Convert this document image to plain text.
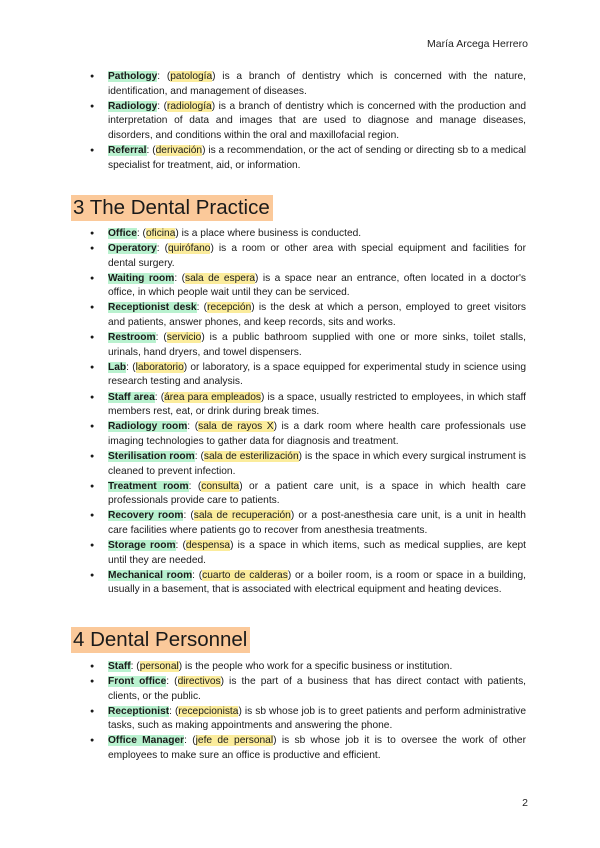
María Arcega Herrero
● Pathology: (patología) is a branch of dentistry which is concerned with the nature, identification, and management of diseases.
● Radiology: (radiología) is a branch of dentistry which is concerned with the production and interpretation of data and images that are used to diagnose and manage diseases, disorders, and conditions within the oral and maxillofacial region.
● Referral: (derivación) is a recommendation, or the act of sending or directing sb to a medical specialist for treatment, aid, or information.
3 The Dental Practice
● Office: (oficina) is a place where business is conducted.
● Operatory: (quirófano) is a room or other area with special equipment and facilities for dental surgery.
● Waiting room: (sala de espera) is a space near an entrance, often located in a doctor's office, in which people wait until they can be serviced.
● Receptionist desk: (recepción) is the desk at which a person, employed to greet visitors and patients, answer phones, and keep records, sits and works.
● Restroom: (servicio) is a public bathroom supplied with one or more sinks, toilet stalls, urinals, hand dryers, and towel dispensers.
● Lab: (laboratorio) or laboratory, is a space equipped for experimental study in science using research testing and analysis.
● Staff area: (área para empleados) is a space, usually restricted to employees, in which staff members rest, eat, or drink during break times.
● Radiology room: (sala de rayos X) is a dark room where health care professionals use imaging technologies to gather data for diagnosis and treatment.
● Sterilisation room: (sala de esterilización) is the space in which every surgical instrument is cleaned to prevent infection.
● Treatment room: (consulta) or a patient care unit, is a space in which health care professionals provide care to patients.
● Recovery room: (sala de recuperación) or a post-anesthesia care unit, is a unit in health care facilities where patients go to recover from anesthesia treatments.
● Storage room: (despensa) is a space in which items, such as medical supplies, are kept until they are needed.
● Mechanical room: (cuarto de calderas) or a boiler room, is a room or space in a building, usually in a basement, that is associated with electrical equipment and heating devices.
4 Dental Personnel
● Staff: (personal) is the people who work for a specific business or institution.
● Front office: (directivos) is the part of a business that has direct contact with patients, clients, or the public.
● Receptionist: (recepcionista) is sb whose job is to greet patients and perform administrative tasks, such as making appointments and answering the phone.
● Office Manager: (jefe de personal) is sb whose job it is to oversee the work of other employees to make sure an office is productive and efficient.
2
